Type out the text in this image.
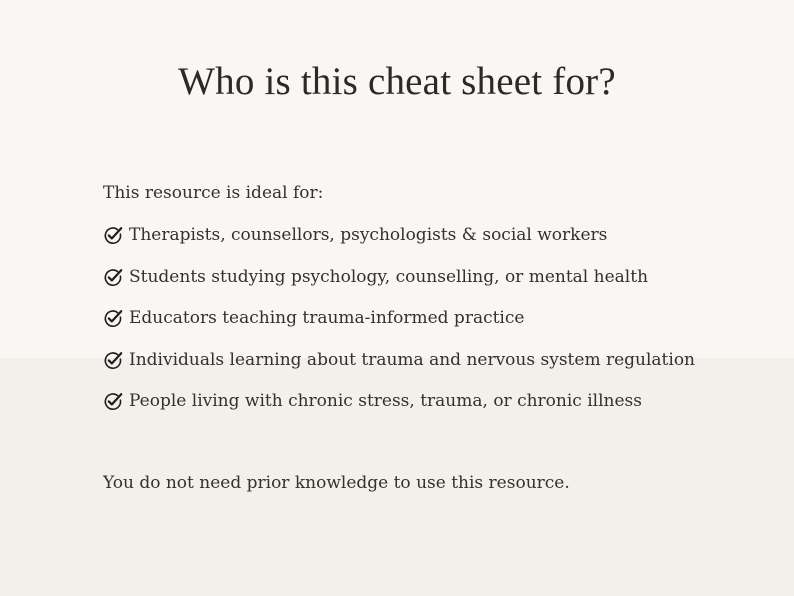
Who is this cheat sheet for?

This resource is ideal for:

Therapists, counsellors, psychologists & social workers
Students studying psychology, counselling, or mental health
Educators teaching trauma-informed practice
Individuals learning about trauma and nervous system regulation
People living with chronic stress, trauma, or chronic illness

You do not need prior knowledge to use this resource.
